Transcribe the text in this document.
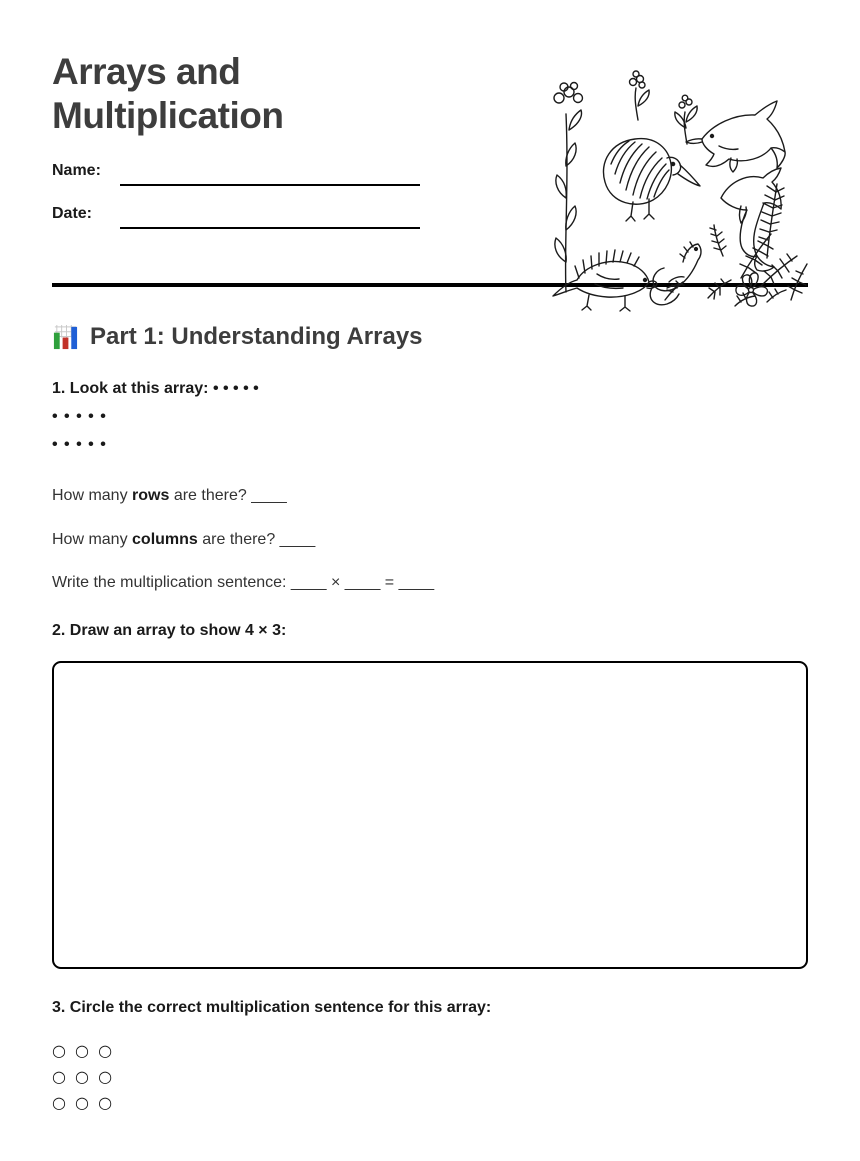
Arrays and
Multiplication
Name:
Date:
Part 1: Understanding Arrays

1. Look at this array: • • • • •

• • • • •

• • • • •

How many rows are there? ____

How many columns are there? ____

Write the multiplication sentence: ____ × ____ = ____

2. Draw an array to show 4 × 3:

3. Circle the correct multiplication sentence for this array:

○ ○ ○

○ ○ ○

○ ○ ○
